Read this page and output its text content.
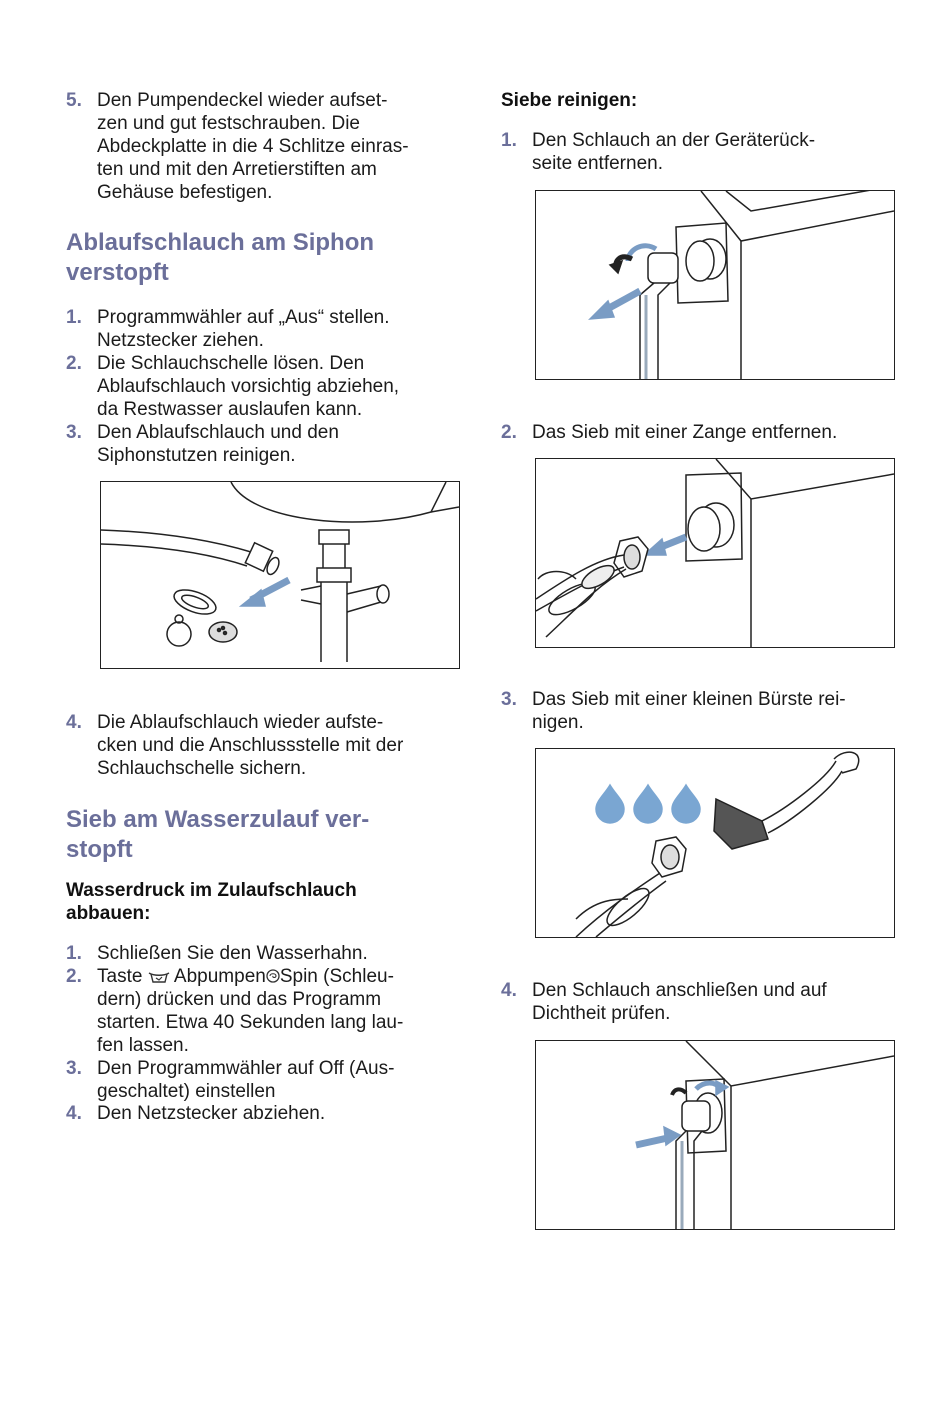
5. Den Pumpendeckel wieder aufset-
zen und gut festschrauben. Die
Abdeckplatte in die 4 Schlitze einras-
ten und mit den Arretierstiften am
Gehäuse befestigen.
Ablaufschlauch am Siphon
verstopft
1. Programmwähler auf „Aus“ stellen.
Netzstecker ziehen.
2. Die Schlauchschelle lösen. Den
Ablaufschlauch vorsichtig abziehen,
da Restwasser auslaufen kann.
3. Den Ablaufschlauch und den
Siphonstutzen reinigen.
4. Die Ablaufschlauch wieder aufste-
cken und die Anschlussstelle mit der
Schlauchschelle sichern.
Sieb am Wasserzulauf ver-
stopft
Wasserdruck im Zulaufschlauch
abbauen:
1. Schließen Sie den Wasserhahn.
2. Taste  Abpumpen Spin (Schleu-
dern) drücken und das Programm
starten. Etwa 40 Sekunden lang lau-
fen lassen.
3. Den Programmwähler auf Off (Aus-
geschaltet) einstellen
4. Den Netzstecker abziehen.
Siebe reinigen:
1. Den Schlauch an der Geräterück-
seite entfernen.
2. Das Sieb mit einer Zange entfernen.
3. Das Sieb mit einer kleinen Bürste rei-
nigen.
4. Den Schlauch anschließen und auf
Dichtheit prüfen.
